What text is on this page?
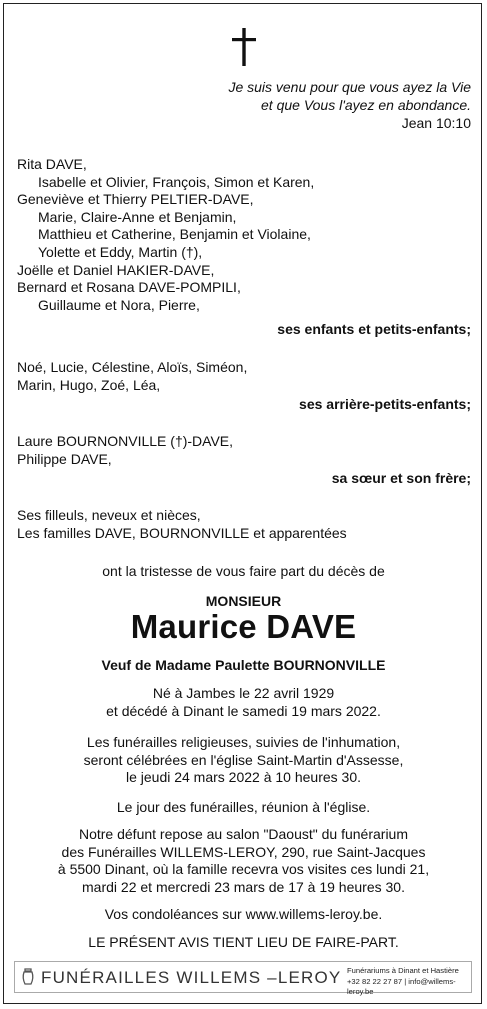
Je suis venu pour que vous ayez la Vie
et que Vous l'ayez en abondance.
Jean 10:10
Rita DAVE,
Isabelle et Olivier, François, Simon et Karen,
Geneviève et Thierry PELTIER-DAVE,
Marie, Claire-Anne et Benjamin,
Matthieu et Catherine, Benjamin et Violaine,
Yolette et Eddy, Martin (†),
Joëlle et Daniel HAKIER-DAVE,
Bernard et Rosana DAVE-POMPILI,
Guillaume et Nora, Pierre,
ses enfants et petits-enfants;
Noé, Lucie, Célestine, Aloïs, Siméon,
Marin, Hugo, Zoé, Léa,
ses arrière-petits-enfants;
Laure BOURNONVILLE (†)-DAVE,
Philippe DAVE,
sa sœur et son frère;
Ses filleuls, neveux et nièces,
Les familles DAVE, BOURNONVILLE et apparentées
ont la tristesse de vous faire part du décès de
MONSIEUR
Maurice DAVE
Veuf de Madame Paulette BOURNONVILLE
Né à Jambes le 22 avril 1929
et décédé à Dinant le samedi 19 mars 2022.
Les funérailles religieuses, suivies de l'inhumation,
seront célébrées en l'église Saint-Martin d'Assesse,
le jeudi 24 mars 2022 à 10 heures 30.
Le jour des funérailles, réunion à l'église.
Notre défunt repose au salon "Daoust" du funérarium
des Funérailles WILLEMS-LEROY, 290, rue Saint-Jacques
à 5500 Dinant, où la famille recevra vos visites ces lundi 21,
mardi 22 et mercredi 23 mars de 17 à 19 heures 30.
Vos condoléances sur www.willems-leroy.be.
LE PRÉSENT AVIS TIENT LIEU DE FAIRE-PART.
FUNÉRAILLES WILLEMS –LEROY Funérariums à Dinant et Hastière
+32 82 22 27 87 | info@willems-leroy.be
